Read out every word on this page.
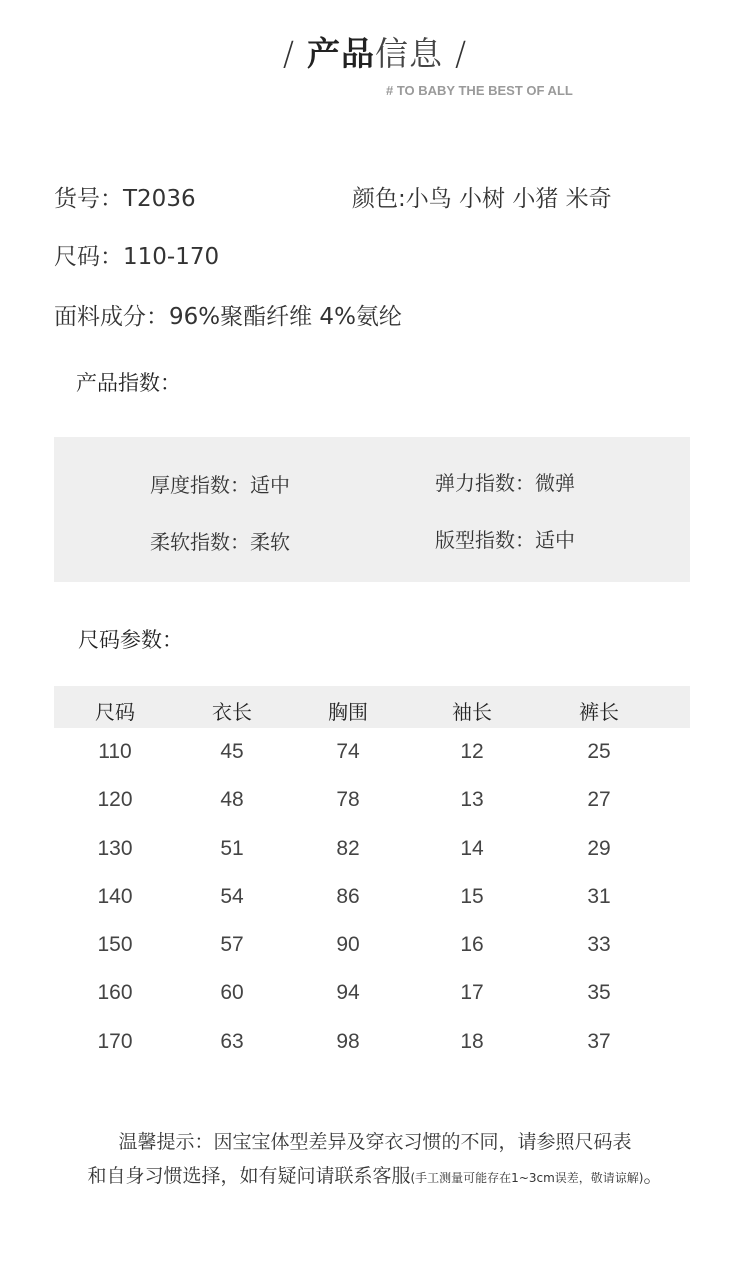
/ 产品信息 /
# TO BABY THE BEST OF ALL
货号：T2036	颜色:小鸟 小树 小猪 米奇
尺码：110-170
面料成分：96%聚酯纤维 4%氨纶
产品指数：
厚度指数：适中	弹力指数：微弹
柔软指数：柔软	版型指数：适中
尺码参数：
尺码	衣长	胸围	袖长	裤长
110	45	74	12	25
120	48	78	13	27
130	51	82	14	29
140	54	86	15	31
150	57	90	16	33
160	60	94	17	35
170	63	98	18	37
温馨提示：因宝宝体型差异及穿衣习惯的不同，请参照尺码表
和自身习惯选择，如有疑问请联系客服(手工测量可能存在1~3cm误差，敬请谅解)。
